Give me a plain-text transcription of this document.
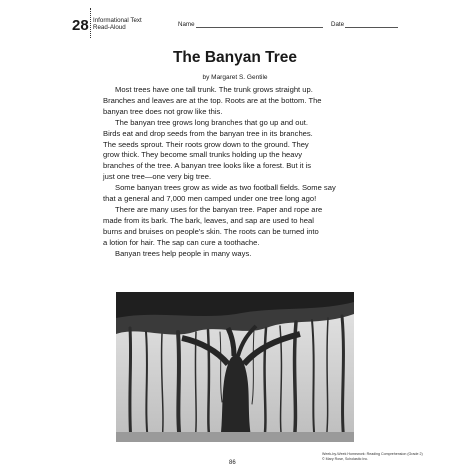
28 Informational Text
Read-Aloud	Name	Date
The Banyan Tree
by Margaret S. Gentile

Most trees have one tall trunk. The trunk grows straight up.

Branches and leaves are at the top. Roots are at the bottom. The

banyan tree does not grow like this.

The banyan tree grows long branches that go up and out.

Birds eat and drop seeds from the banyan tree in its branches.

The seeds sprout. Their roots grow down to the ground. They

grow thick. They become small trunks holding up the heavy

branches of the tree. A banyan tree looks like a forest. But it is

just one tree—one very big tree.

Some banyan trees grow as wide as two football fields. Some say

that a general and 7,000 men camped under one tree long ago!

There are many uses for the banyan tree. Paper and rope are

made from its bark. The bark, leaves, and sap are used to heal

burns and bruises on people's skin. The roots can be turned into

a lotion for hair. The sap can cure a toothache.

Banyan trees help people in many ways.

86
Week-by-Week Homework: Reading Comprehension (Grade 2)
© Mary Rose, Scholastic Inc.
